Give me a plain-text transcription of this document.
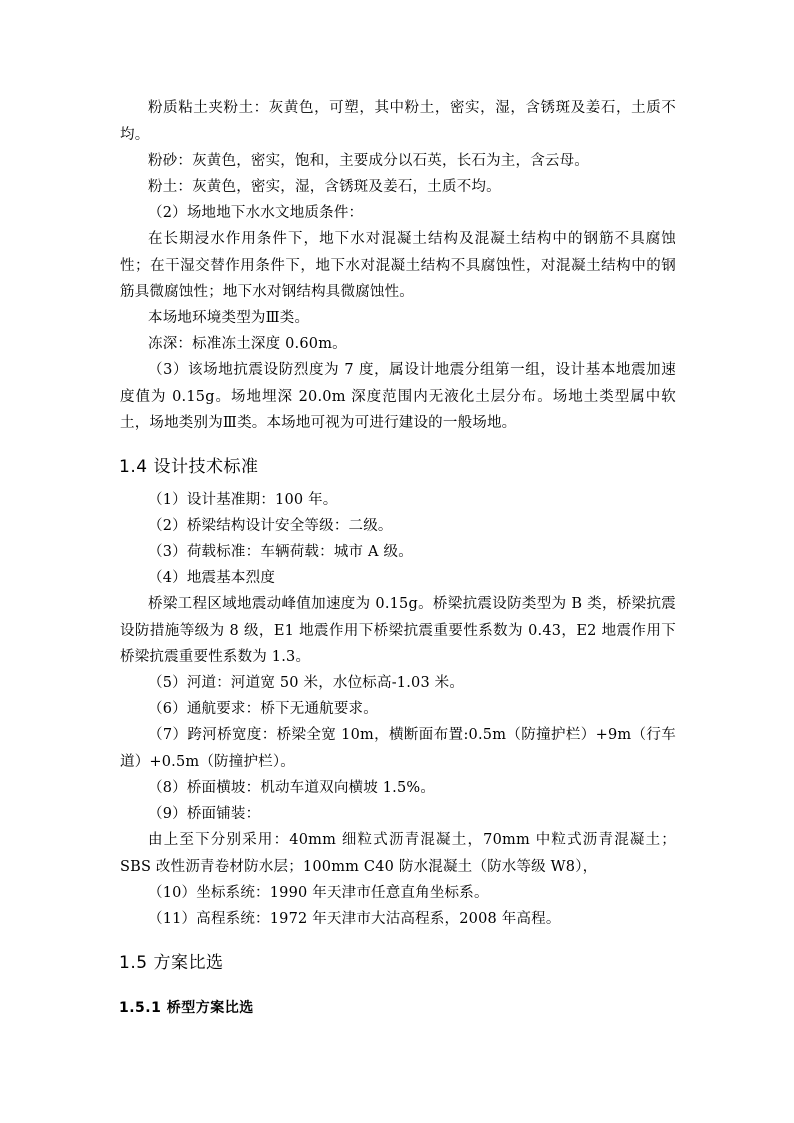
粉质粘土夹粉土：灰黄色，可塑，其中粉土，密实，湿，含锈斑及姜石，土质不均。
粉砂：灰黄色，密实，饱和，主要成分以石英，长石为主，含云母。
粉土：灰黄色，密实，湿，含锈斑及姜石，土质不均。
（2）场地地下水水文地质条件：
在长期浸水作用条件下，地下水对混凝土结构及混凝土结构中的钢筋不具腐蚀性；在干湿交替作用条件下，地下水对混凝土结构不具腐蚀性，对混凝土结构中的钢筋具微腐蚀性；地下水对钢结构具微腐蚀性。
本场地环境类型为Ⅲ类。
冻深：标准冻土深度 0.60m。
（3）该场地抗震设防烈度为 7 度，属设计地震分组第一组，设计基本地震加速度值为 0.15g。场地埋深 20.0m 深度范围内无液化土层分布。场地土类型属中软土，场地类别为Ⅲ类。本场地可视为可进行建设的一般场地。
1.4 设计技术标准
（1）设计基准期：100 年。
（2）桥梁结构设计安全等级：二级。
（3）荷载标准：车辆荷载：城市 A 级。
（4）地震基本烈度
桥梁工程区域地震动峰值加速度为 0.15g。桥梁抗震设防类型为 B 类，桥梁抗震设防措施等级为 8 级，E1 地震作用下桥梁抗震重要性系数为 0.43，E2 地震作用下桥梁抗震重要性系数为 1.3。
（5）河道：河道宽 50 米，水位标高-1.03 米。
（6）通航要求：桥下无通航要求。
（7）跨河桥宽度：桥梁全宽 10m，横断面布置:0.5m（防撞护栏）+9m（行车道）+0.5m（防撞护栏）。
（8）桥面横坡：机动车道双向横坡 1.5%。
（9）桥面铺装：
由上至下分别采用：40mm 细粒式沥青混凝土，70mm 中粒式沥青混凝土；SBS 改性沥青卷材防水层；100mm C40 防水混凝土（防水等级 W8），
（10）坐标系统：1990 年天津市任意直角坐标系。
（11）高程系统：1972 年天津市大沽高程系，2008 年高程。
1.5 方案比选
1.5.1 桥型方案比选
